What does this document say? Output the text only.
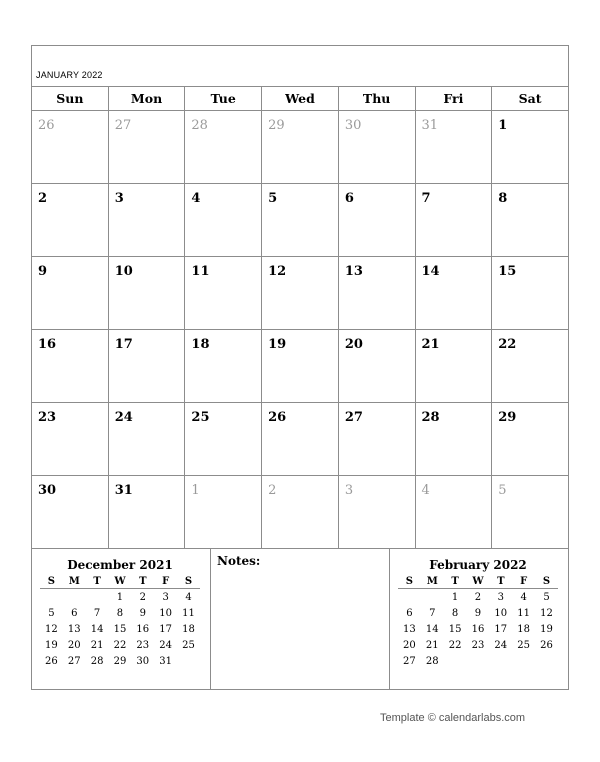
JANUARY 2022
Sun	Mon	Tue	Wed	Thu	Fri	Sat

26	27	28	29	30	31	1

2	3	4	5	6	7	8

9	10	11	12	13	14	15

16	17	18	19	20	21	22

23	24	25	26	27	28	29

30	31	1	2	3	4	5
December 2021
S	M	T	W	T	F	S
			1	2	3	4
5	6	7	8	9	10	11
12	13	14	15	16	17	18
19	20	21	22	23	24	25
26	27	28	29	30	31	
Notes:	February 2022
S	M	T	W	T	F	S
		1	2	3	4	5
6	7	8	9	10	11	12
13	14	15	16	17	18	19
20	21	22	23	24	25	26
27	28					
Template © calendarlabs.com
